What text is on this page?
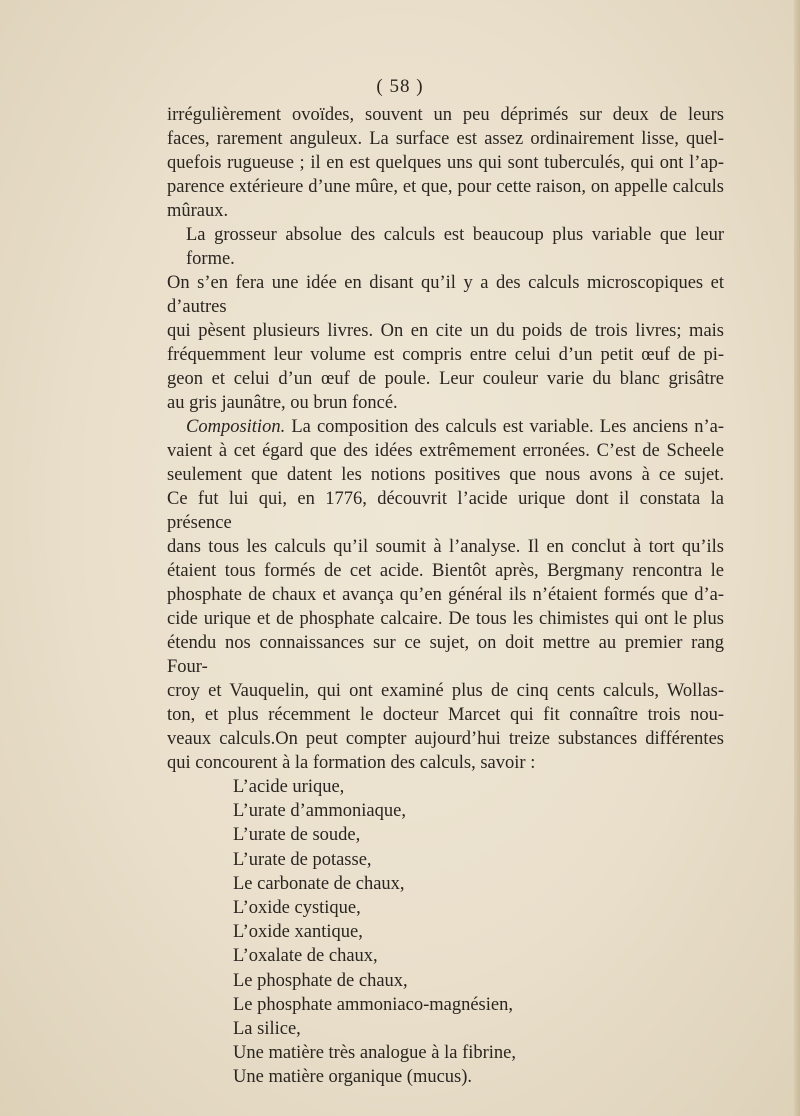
( 58 )

irrégulièrement ovoïdes, souvent un peu déprimés sur deux de leurs
faces, rarement anguleux. La surface est assez ordinairement lisse, quel-
quefois rugueuse ; il en est quelques uns qui sont tuberculés, qui ont l’ap-
parence extérieure d’une mûre, et que, pour cette raison, on appelle calculs
mûraux.

La grosseur absolue des calculs est beaucoup plus variable que leur forme.
On s’en fera une idée en disant qu’il y a des calculs microscopiques et d’autres
qui pèsent plusieurs livres. On en cite un du poids de trois livres; mais
fréquemment leur volume est compris entre celui d’un petit œuf de pi-
geon et celui d’un œuf de poule. Leur couleur varie du blanc grisâtre
au gris jaunâtre, ou brun foncé.

Composition. La composition des calculs est variable. Les anciens n’a-
vaient à cet égard que des idées extrêmement erronées. C’est de Scheele
seulement que datent les notions positives que nous avons à ce sujet.
Ce fut lui qui, en 1776, découvrit l’acide urique dont il constata la présence
dans tous les calculs qu’il soumit à l’analyse. Il en conclut à tort qu’ils
étaient tous formés de cet acide. Bientôt après, Bergmany rencontra le
phosphate de chaux et avança qu’en général ils n’étaient formés que d’a-
cide urique et de phosphate calcaire. De tous les chimistes qui ont le plus
étendu nos connaissances sur ce sujet, on doit mettre au premier rang Four-
croy et Vauquelin, qui ont examiné plus de cinq cents calculs, Wollas-
ton, et plus récemment le docteur Marcet qui fit connaître trois nou-
veaux calculs.On peut compter aujourd’hui treize substances différentes
qui concourent à la formation des calculs, savoir :

L’acide urique,
L’urate d’ammoniaque,
L’urate de soude,
L’urate de potasse,
Le carbonate de chaux,
L’oxide cystique,
L’oxide xantique,
L’oxalate de chaux,
Le phosphate de chaux,
Le phosphate ammoniaco-magnésien,
La silice,
Une matière très analogue à la fibrine,
Une matière organique (mucus).
